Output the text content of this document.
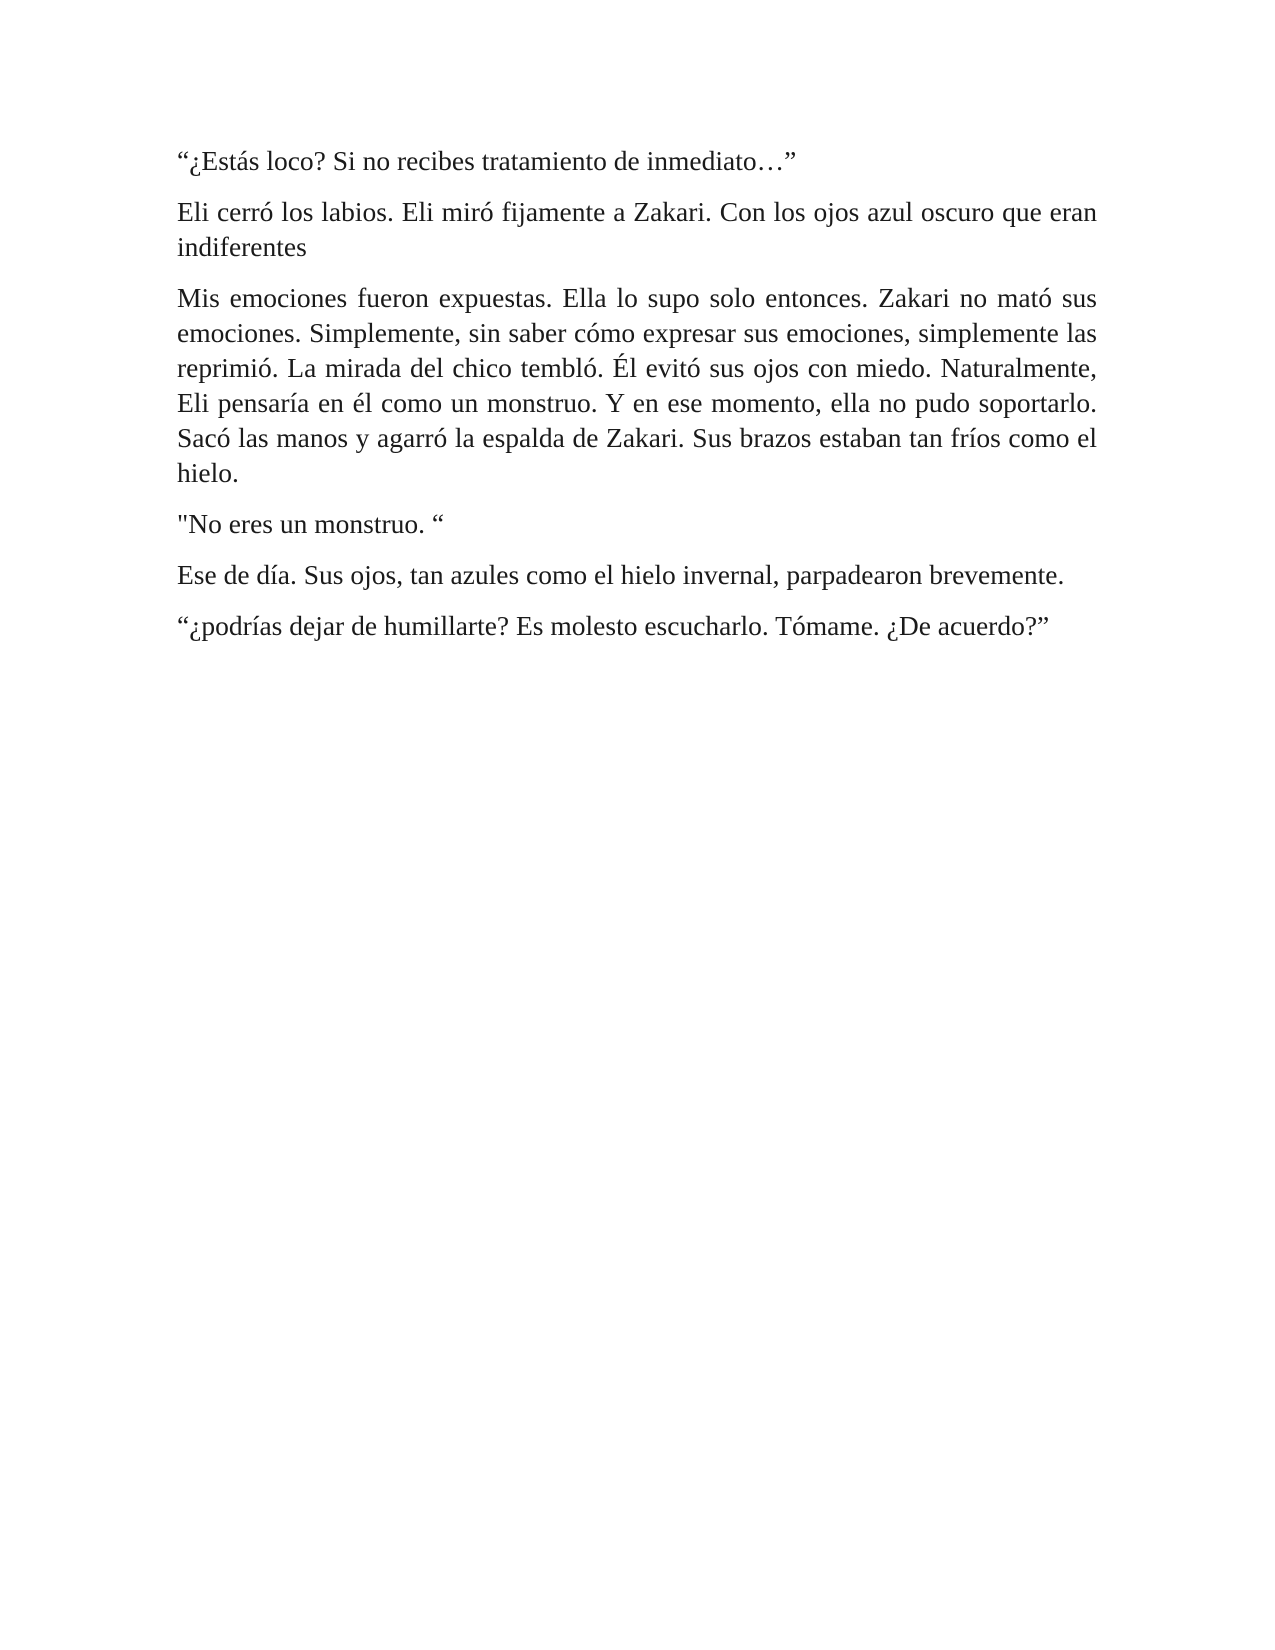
“¿Estás loco? Si no recibes tratamiento de inmediato…”

Eli cerró los labios. Eli miró fijamente a Zakari. Con los ojos azul oscuro que eran indiferentes

Mis emociones fueron expuestas. Ella lo supo solo entonces. Zakari no mató sus emociones. Simplemente, sin saber cómo expresar sus emociones, simplemente las reprimió. La mirada del chico tembló. Él evitó sus ojos con miedo. Naturalmente, Eli pensaría en él como un monstruo. Y en ese momento, ella no pudo soportarlo. Sacó las manos y agarró la espalda de Zakari. Sus brazos estaban tan fríos como el hielo.

"No eres un monstruo. “

Ese de día. Sus ojos, tan azules como el hielo invernal, parpadearon brevemente.

“¿podrías dejar de humillarte? Es molesto escucharlo. Tómame. ¿De acuerdo?”
